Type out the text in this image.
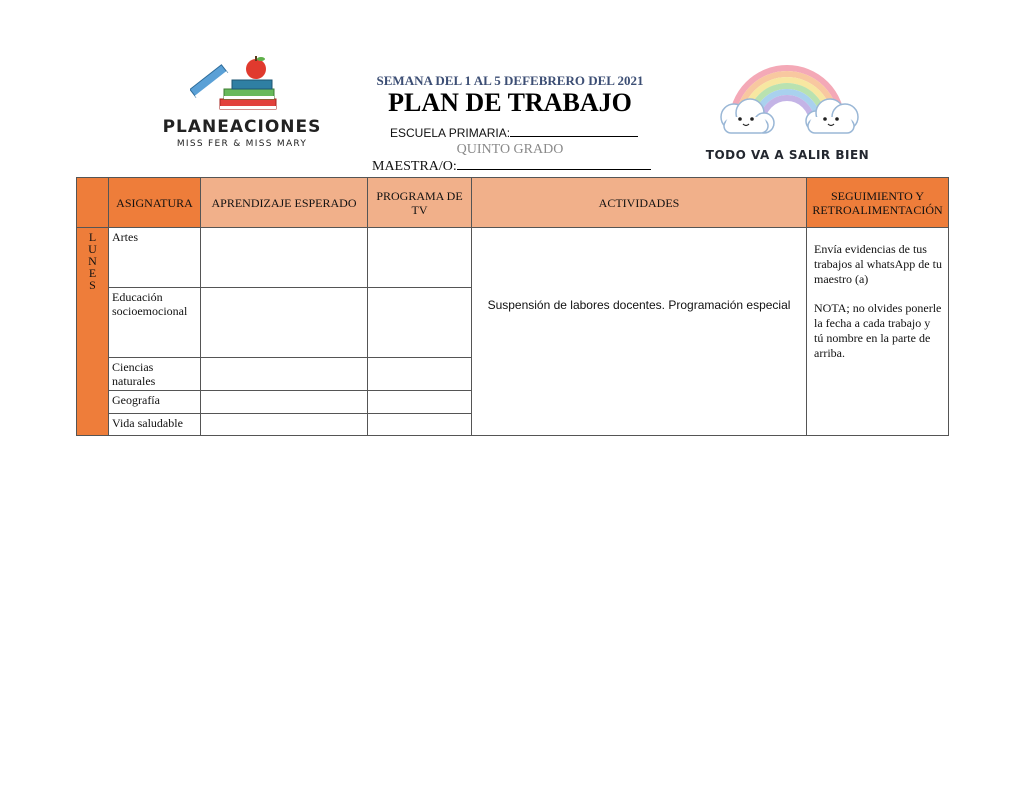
PLANEACIONES
MISS FER & MISS MARY
SEMANA DEL 1 AL 5 DEFEBRERO DEL 2021
PLAN DE TRABAJO
ESCUELA PRIMARIA:
QUINTO GRADO
MAESTRA/O:
TODO VA A SALIR BIEN
	ASIGNATURA	APRENDIZAJE ESPERADO	PROGRAMA DE TV	ACTIVIDADES	SEGUIMIENTO Y RETROALIMENTACIÓN

LUNES	Artes			Suspensión de labores docentes. Programación especial	Envía evidencias de tus trabajos al whatsApp de tu maestro (a)

NOTA; no olvides ponerle la fecha a cada trabajo y tú nombre en la parte de arriba.

	Educación socioemocional				
	Ciencias naturales				
	Geografía				
	Vida saludable				
